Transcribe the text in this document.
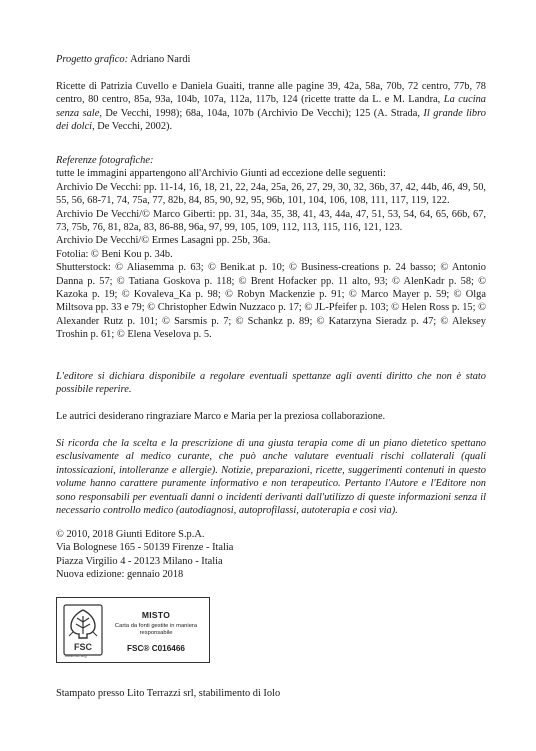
Progetto grafico: Adriano Nardi

Ricette di Patrizia Cuvello e Daniela Guaiti, tranne alle pagine 39, 42a, 58a, 70b, 72 centro, 77b, 78 centro, 80 centro, 85a, 93a, 104b, 107a, 112a, 117b, 124 (ricette tratte da L. e M. Landra, La cucina senza sale, De Vecchi, 1998); 68a, 104a, 107b (Archivio De Vecchi); 125 (A. Strada, Il grande libro dei dolci, De Vecchi, 2002).

Referenze fotografiche:

tutte le immagini appartengono all'Archivio Giunti ad eccezione delle seguenti:

Archivio De Vecchi: pp. 11-14, 16, 18, 21, 22, 24a, 25a, 26, 27, 29, 30, 32, 36b, 37, 42, 44b, 46, 49, 50, 55, 56, 68-71, 74, 75a, 77, 82b, 84, 85, 90, 92, 95, 96b, 101, 104, 106, 108, 111, 117, 119, 122.

Archivio De Vecchi/© Marco Giberti: pp. 31, 34a, 35, 38, 41, 43, 44a, 47, 51, 53, 54, 64, 65, 66b, 67, 73, 75b, 76, 81, 82a, 83, 86-88, 96a, 97, 99, 105, 109, 112, 113, 115, 116, 121, 123.

Archivio De Vecchi/© Ermes Lasagni pp. 25b, 36a.

Fotolia: © Beni Kou p. 34b.

Shutterstock: © Aliasemma p. 63; © Benik.at p. 10; © Business-creations p. 24 basso; © Antonio Danna p. 57; © Tatiana Goskova p. 118; © Brent Hofacker pp. 11 alto, 93; © AlenKadr p. 58; © Kazoka p. 19; © Kovaleva_Ka p. 98; © Robyn Mackenzie p. 91; © Marco Mayer p. 59; © Olga Miltsova pp. 33 e 79; © Christopher Edwin Nuzzaco p. 17; © JL-Pfeifer p. 103; © Helen Ross p. 15; © Alexander Rutz p. 101; © Sarsmis p. 7; © Schankz p. 89; © Katarzyna Sieradz p. 47; © Aleksey Troshin p. 61; © Elena Veselova p. 5.

L'editore si dichiara disponibile a regolare eventuali spettanze agli aventi diritto che non è stato possibile reperire.

Le autrici desiderano ringraziare Marco e Maria per la preziosa collaborazione.

Si ricorda che la scelta e la prescrizione di una giusta terapia come di un piano dietetico spettano esclusivamente al medico curante, che può anche valutare eventuali rischi collaterali (quali intossicazioni, intolleranze e allergie). Notizie, preparazioni, ricette, suggerimenti contenuti in questo volume hanno carattere puramente informativo e non terapeutico. Pertanto l'Autore e l'Editore non sono responsabili per eventuali danni o incidenti derivanti dall'utilizzo di queste informazioni senza il necessario controllo medico (autodiagnosi, autoprofilassi, autoterapia e così via).

© 2010, 2018 Giunti Editore S.p.A.

Via Bolognese 165 - 50139 Firenze - Italia

Piazza Virgilio 4 - 20123 Milano - Italia

Nuova edizione: gennaio 2018

FSC
www.fsc.org
MISTO
Carta da fonti gestite in maniera responsabile
FSC® C016466

Stampato presso Lito Terrazzi srl, stabilimento di Iolo
